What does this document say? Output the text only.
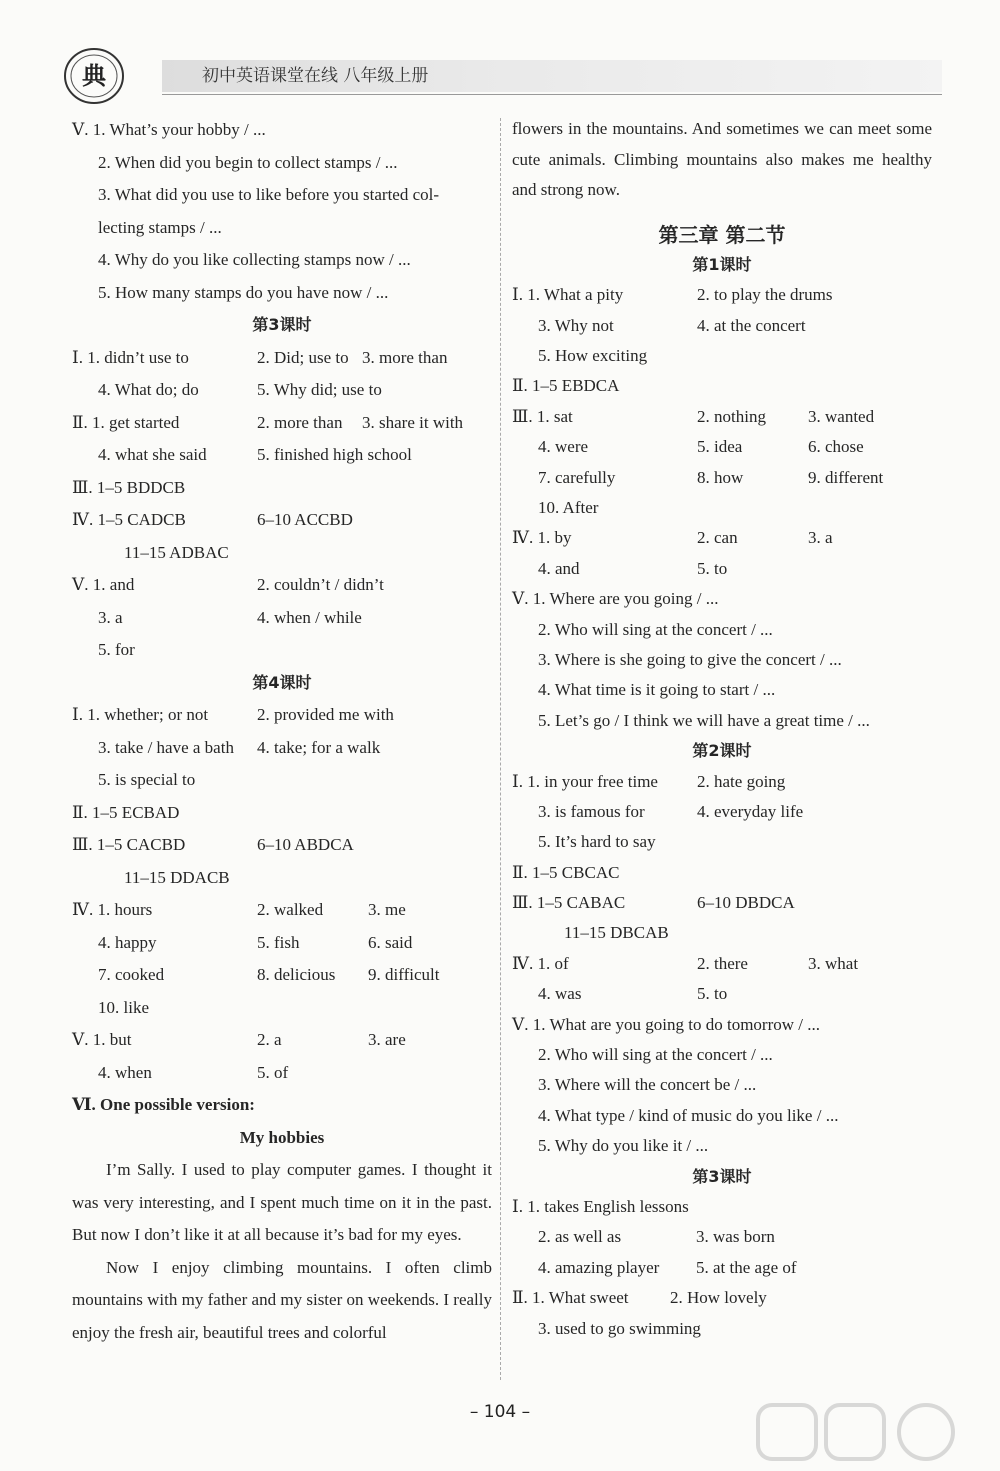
典	初中英语课堂在线 八年级上册
Ⅴ. 1. What’s your hobby / ...
2. When did you begin to collect stamps / ...
3. What did you use to like before you started col-
lecting stamps / ...
4. Why do you like collecting stamps now / ...
5. How many stamps do you have now / ...
第3课时
Ⅰ. 1. didn’t use to	2. Did; use to 3. more than
4. What do; do	5. Why did; use to
Ⅱ. 1. get started	2. more than 3. share it with
4. what she said	5. finished high school
Ⅲ. 1–5 BDDCB
Ⅳ. 1–5 CADCB	6–10 ACCBD
11–15 ADBAC
Ⅴ. 1. and	2. couldn’t / didn’t
3. a	4. when / while
5. for
第4课时
Ⅰ. 1. whether; or not	2. provided me with
3. take / have a bath 4. take; for a walk
5. is special to
Ⅱ. 1–5 ECBAD
Ⅲ. 1–5 CACBD	6–10 ABDCA
11–15 DDACB
Ⅳ. 1. hours	2. walked	3. me
4. happy	5. fish	6. said
7. cooked	8. delicious 9. difficult
10. like
Ⅴ. 1. but	2. a	3. are
4. when	5. of
Ⅵ. One possible version:
My hobbies

I’m Sally. I used to play computer games. I thought it was very interesting, and I spent much time on it in the past. But now I don’t like it at all because it’s bad for my eyes.

Now I enjoy climbing mountains. I often climb mountains with my father and my sister on weekends. I really enjoy the fresh air, beautiful trees and colorful

flowers in the mountains. And sometimes we can meet some cute animals. Climbing mountains also makes me healthy and strong now.

第三章 第二节
第1课时
Ⅰ. 1. What a pity	2. to play the drums
3. Why not	4. at the concert
5. How exciting
Ⅱ. 1–5 EBDCA
Ⅲ. 1. sat	2. nothing 3. wanted
4. were	5. idea	6. chose
7. carefully	8. how	9. different
10. After
Ⅳ. 1. by	2. can	3. a
4. and	5. to
Ⅴ. 1. Where are you going / ...
2. Who will sing at the concert / ...
3. Where is she going to give the concert / ...
4. What time is it going to start / ...
5. Let’s go / I think we will have a great time / ...
第2课时
Ⅰ. 1. in your free time 2. hate going
3. is famous for	4. everyday life
5. It’s hard to say
Ⅱ. 1–5 CBCAC
Ⅲ. 1–5 CABAC	6–10 DBDCA
11–15 DBCAB
Ⅳ. 1. of	2. there	3. what
4. was	5. to
Ⅴ. 1. What are you going to do tomorrow / ...
2. Who will sing at the concert / ...
3. Where will the concert be / ...
4. What type / kind of music do you like / ...
5. Why do you like it / ...
第3课时
Ⅰ. 1. takes English lessons
2. as well as	3. was born
4. amazing player 5. at the age of
Ⅱ. 1. What sweet 2. How lovely
3. used to go swimming
– 104 –
